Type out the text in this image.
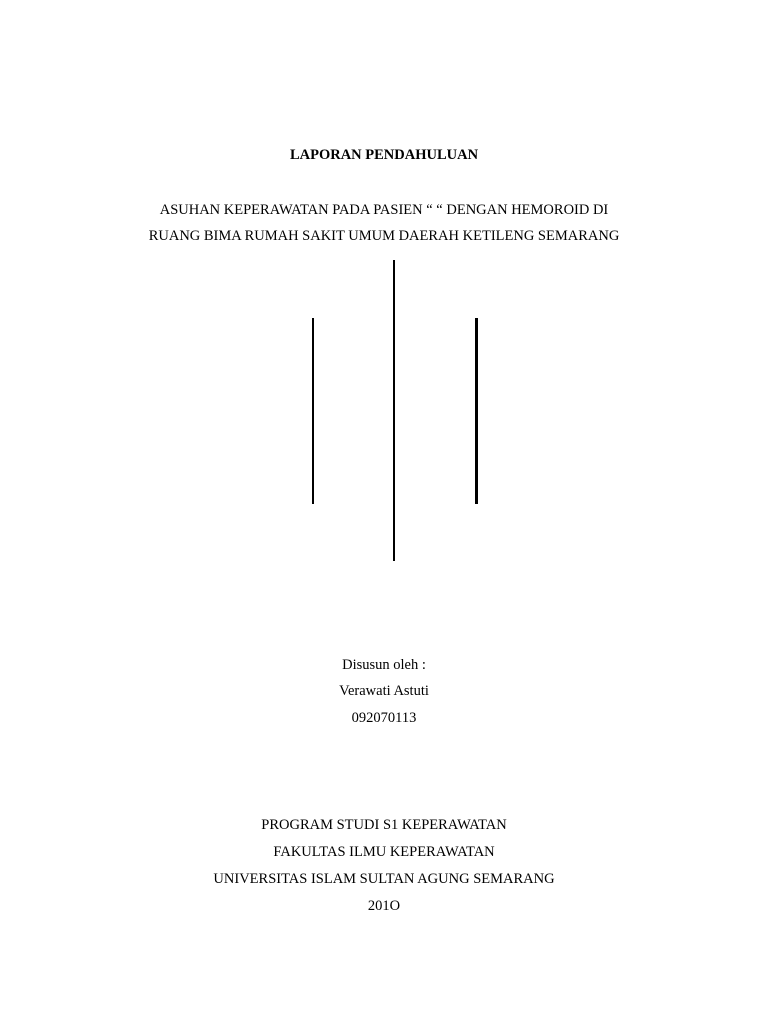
LAPORAN PENDAHULUAN
ASUHAN KEPERAWATAN PADA PASIEN “ “ DENGAN HEMOROID DI
RUANG BIMA RUMAH SAKIT UMUM DAERAH KETILENG SEMARANG
Disusun oleh :
Verawati Astuti
092070113
PROGRAM STUDI S1 KEPERAWATAN
FAKULTAS ILMU KEPERAWATAN
UNIVERSITAS ISLAM SULTAN AGUNG SEMARANG
201O
